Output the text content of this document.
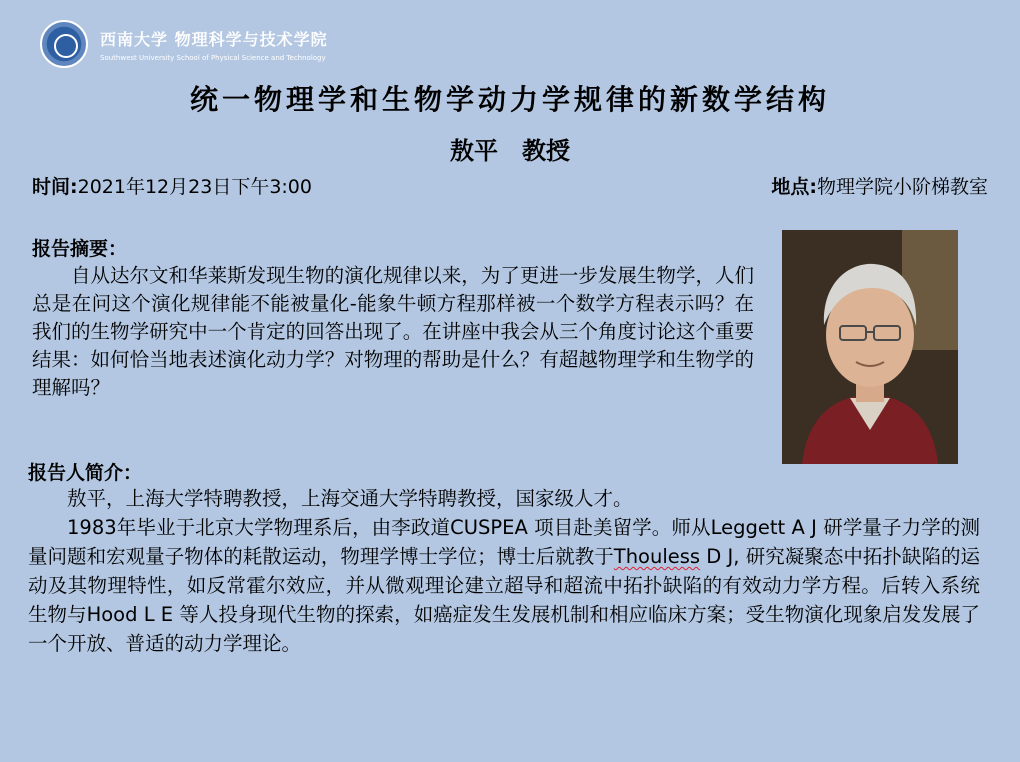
西南大学 物理科学与技术学院
Southwest University School of Physical Science and Technology
统一物理学和生物学动力学规律的新数学结构
敖平　教授
时间:2021年12月23日下午3:00	地点:物理学院小阶梯教室
报告摘要：
自从达尔文和华莱斯发现生物的演化规律以来，为了更进一步发展生物学，人们总是在问这个演化规律能不能被量化-能象牛顿方程那样被一个数学方程表示吗？在我们的生物学研究中一个肯定的回答出现了。在讲座中我会从三个角度讨论这个重要结果：如何恰当地表述演化动力学？对物理的帮助是什么？有超越物理学和生物学的理解吗？
报告人简介：

敖平，上海大学特聘教授，上海交通大学特聘教授，国家级人才。

1983年毕业于北京大学物理系后，由李政道CUSPEA 项目赴美留学。师从Leggett A J 研学量子力学的测量问题和宏观量子物体的耗散运动，物理学博士学位；博士后就教于Thouless D J, 研究凝聚态中拓扑缺陷的运动及其物理特性，如反常霍尔效应，并从微观理论建立超导和超流中拓扑缺陷的有效动力学方程。后转入系统生物与Hood L E 等人投身现代生物的探索，如癌症发生发展机制和相应临床方案；受生物演化现象启发发展了一个开放、普适的动力学理论。
